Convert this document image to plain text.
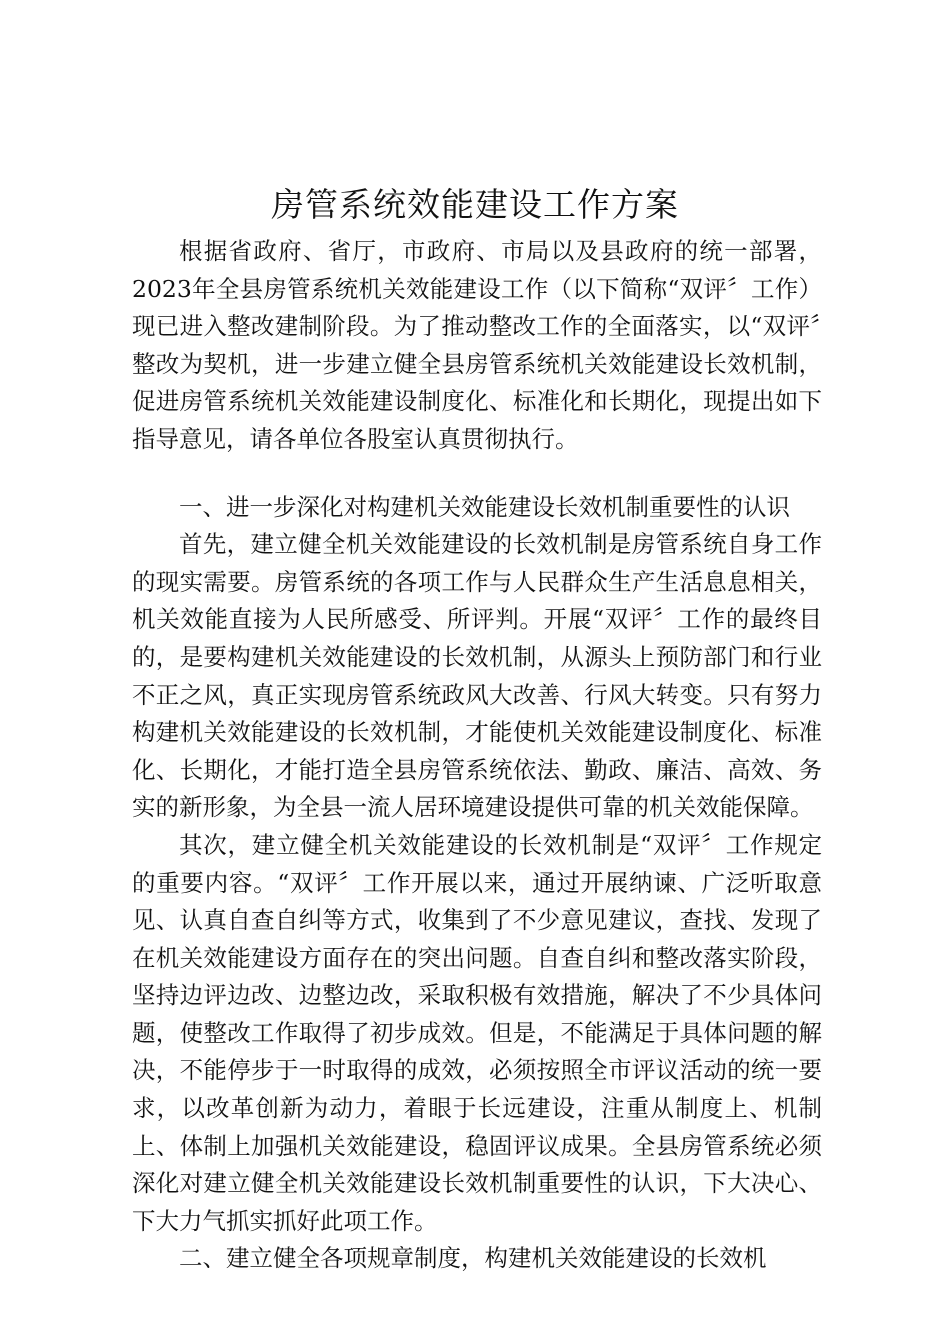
房管系统效能建设工作方案

根据省政府、省厅，市政府、市局以及县政府的统一部署，2023年全县房管系统机关效能建设工作（以下简称“双评〞工作）现已进入整改建制阶段。为了推动整改工作的全面落实，以“双评〞整改为契机，进一步建立健全县房管系统机关效能建设长效机制，促进房管系统机关效能建设制度化、标准化和长期化，现提出如下指导意见，请各单位各股室认真贯彻执行。

一、进一步深化对构建机关效能建设长效机制重要性的认识

首先，建立健全机关效能建设的长效机制是房管系统自身工作的现实需要。房管系统的各项工作与人民群众生产生活息息相关，机关效能直接为人民所感受、所评判。开展“双评〞工作的最终目的，是要构建机关效能建设的长效机制，从源头上预防部门和行业不正之风，真正实现房管系统政风大改善、行风大转变。只有努力构建机关效能建设的长效机制，才能使机关效能建设制度化、标准化、长期化，才能打造全县房管系统依法、勤政、廉洁、高效、务实的新形象，为全县一流人居环境建设提供可靠的机关效能保障。

其次，建立健全机关效能建设的长效机制是“双评〞工作规定的重要内容。“双评〞工作开展以来，通过开展纳谏、广泛听取意见、认真自查自纠等方式，收集到了不少意见建议，查找、发现了在机关效能建设方面存在的突出问题。自查自纠和整改落实阶段，坚持边评边改、边整边改，采取积极有效措施，解决了不少具体问题，使整改工作取得了初步成效。但是，不能满足于具体问题的解决，不能停步于一时取得的成效，必须按照全市评议活动的统一要求，以改革创新为动力，着眼于长远建设，注重从制度上、机制上、体制上加强机关效能建设，稳固评议成果。全县房管系统必须深化对建立健全机关效能建设长效机制重要性的认识，下大决心、下大力气抓实抓好此项工作。

二、建立健全各项规章制度，构建机关效能建设的长效机
